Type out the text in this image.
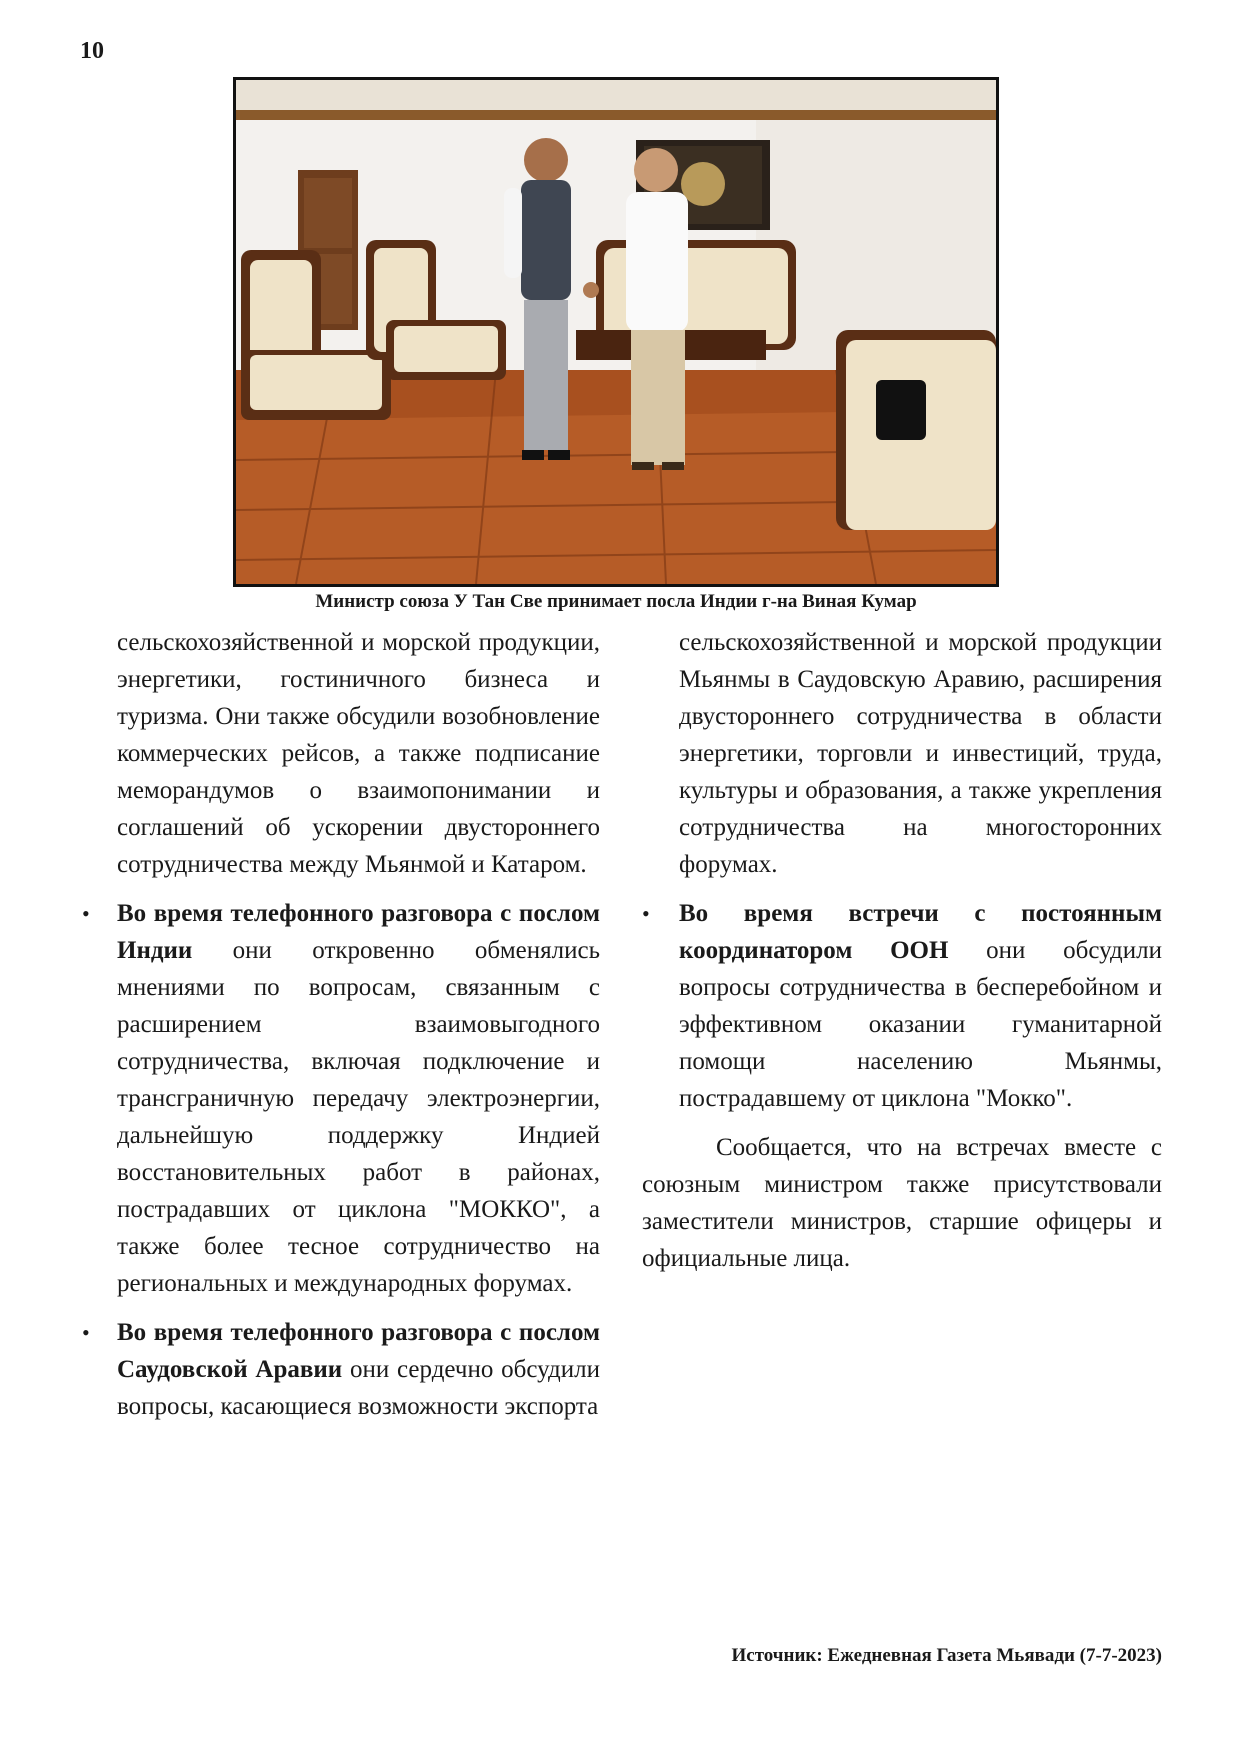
10
Министр союза У Тан Све принимает посла Индии г-на Виная Кумар

сельскохозяйственной и морской продукции, энергетики, гостиничного бизнеса и туризма. Они также обсудили возобновление коммерческих рейсов, а также подписание меморандумов о взаимопонимании и соглашений об ускорении двустороннего сотрудничества между Мьянмой и Катаром.

• Во время телефонного разговора с послом Индии они откровенно обменялись мнениями по вопросам, связанным с расширением взаимовыгодного сотрудничества, включая подключение и трансграничную передачу электроэнергии, дальнейшую поддержку Индией восстановительных работ в районах, пострадавших от циклона "МОККО", а также более тесное сотрудничество на региональных и международных форумах.
• Во время телефонного разговора с послом Саудовской Аравии они сердечно обсудили вопросы, касающиеся возможности экспорта

сельскохозяйственной и морской продукции Мьянмы в Саудовскую Аравию, расширения двустороннего сотрудничества в области энергетики, торговли и инвестиций, труда, культуры и образования, а также укрепления сотрудничества на многосторонних форумах.

• Во время встречи с постоянным координатором ООН они обсудили вопросы сотрудничества в бесперебойном и эффективном оказании гуманитарной помощи населению Мьянмы, пострадавшему от циклона "Мокко".

Сообщается, что на встречах вместе с союзным министром также присутствовали заместители министров, старшие офицеры и официальные лица.

Источник: Ежедневная Газета Мьявади (7-7-2023)
